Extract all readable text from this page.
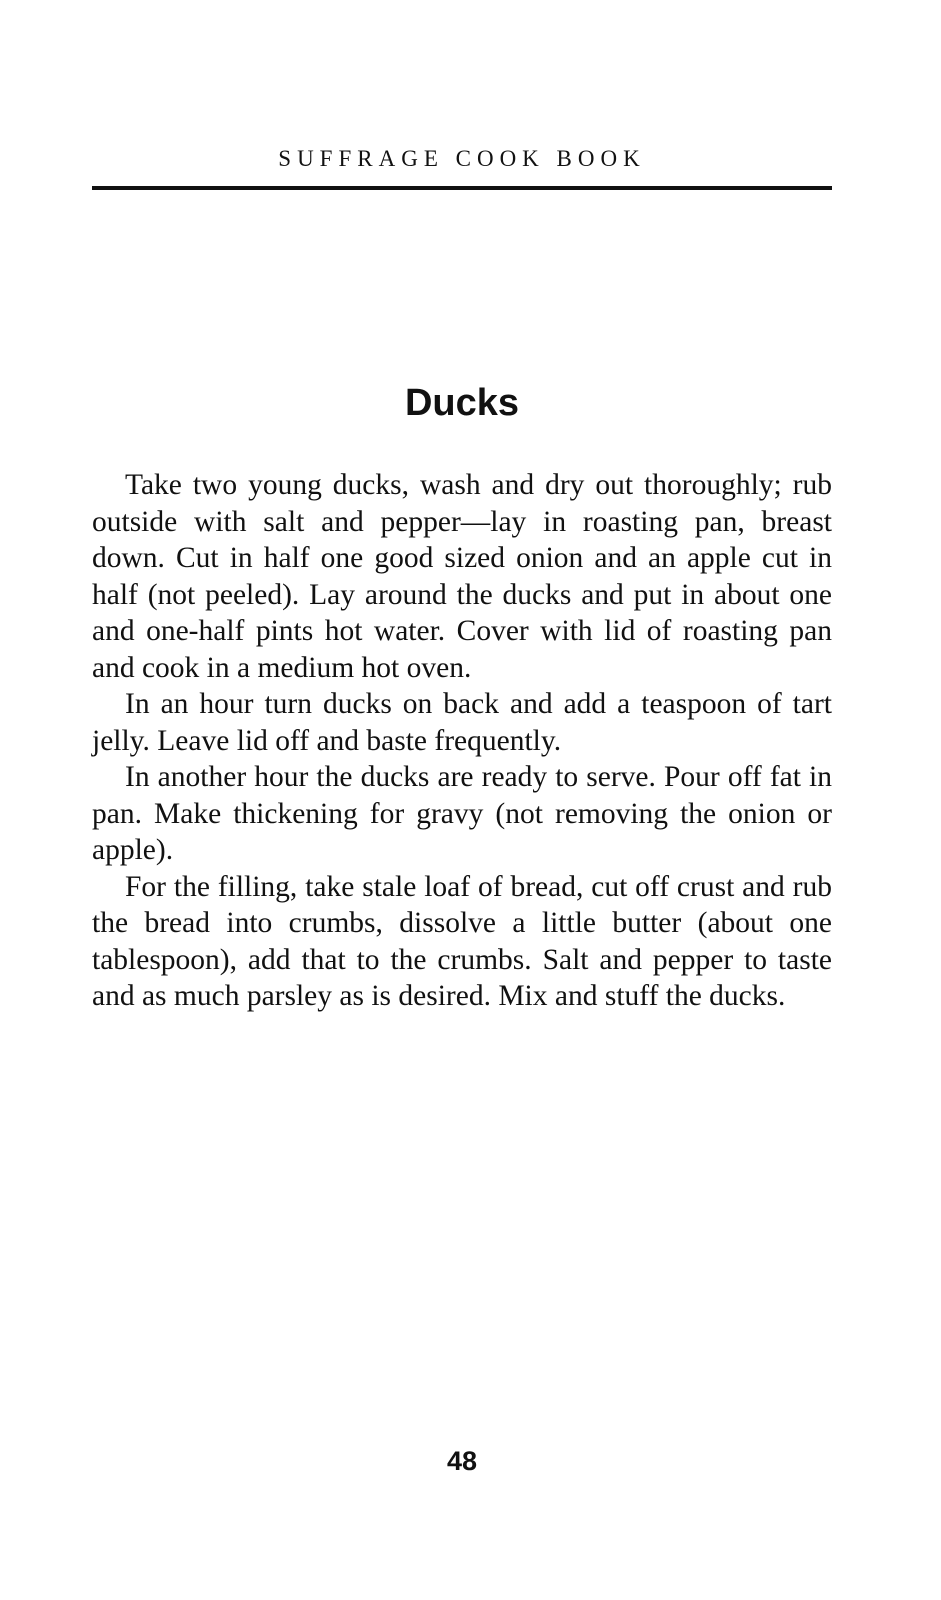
SUFFRAGE COOK BOOK
Ducks

Take two young ducks, wash and dry out thoroughly; rub outside with salt and pepper—lay in roasting pan, breast down. Cut in half one good sized onion and an apple cut in half (not peeled). Lay around the ducks and put in about one and one-half pints hot water. Cover with lid of roasting pan and cook in a medium hot oven.

In an hour turn ducks on back and add a teaspoon of tart jelly. Leave lid off and baste frequently.

In another hour the ducks are ready to serve. Pour off fat in pan. Make thickening for gravy (not removing the onion or apple).

For the filling, take stale loaf of bread, cut off crust and rub the bread into crumbs, dissolve a little butter (about one tablespoon), add that to the crumbs. Salt and pepper to taste and as much parsley as is desired. Mix and stuff the ducks.

48
